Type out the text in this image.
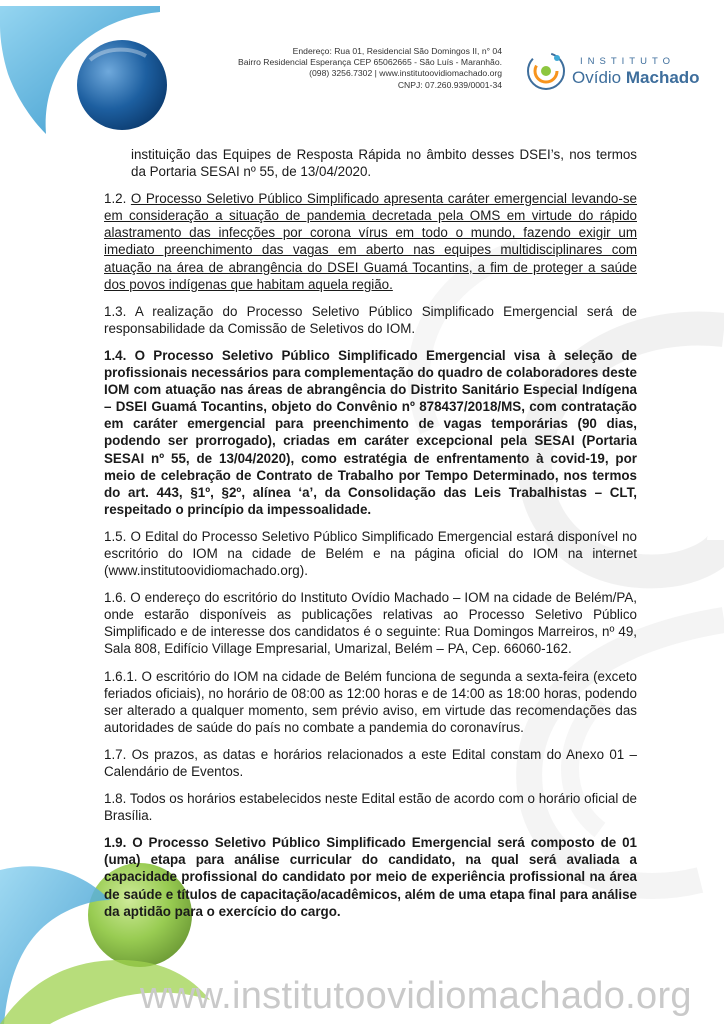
Endereço: Rua 01, Residencial São Domingos II, n° 04
Bairro Residencial Esperança CEP 65062665 - São Luís - Maranhão.
(098) 3256.7302 | www.institutoovidiomachado.org
CNPJ: 07.260.939/0001-34
INSTITUTO
Ovídio Machado

instituição das Equipes de Resposta Rápida no âmbito desses DSEI’s, nos termos da Portaria SESAI nº 55, de 13/04/2020.

1.2. O Processo Seletivo Público Simplificado apresenta caráter emergencial levando-se em consideração a situação de pandemia decretada pela OMS em virtude do rápido alastramento das infecções por corona vírus em todo o mundo, fazendo exigir um imediato preenchimento das vagas em aberto nas equipes multidisciplinares com atuação na área de abrangência do DSEI Guamá Tocantins, a fim de proteger a saúde dos povos indígenas que habitam aquela região.

1.3. A realização do Processo Seletivo Público Simplificado Emergencial será de responsabilidade da Comissão de Seletivos do IOM.

1.4. O Processo Seletivo Público Simplificado Emergencial visa à seleção de profissionais necessários para complementação do quadro de colaboradores deste IOM com atuação nas áreas de abrangência do Distrito Sanitário Especial Indígena – DSEI Guamá Tocantins, objeto do Convênio nº 878437/2018/MS, com contratação em caráter emergencial para preenchimento de vagas temporárias (90 dias, podendo ser prorrogado), criadas em caráter excepcional pela SESAI (Portaria SESAI nº 55, de 13/04/2020), como estratégia de enfrentamento à covid-19, por meio de celebração de Contrato de Trabalho por Tempo Determinado, nos termos do art. 443, §1º, §2º, alínea ‘a’, da Consolidação das Leis Trabalhistas – CLT, respeitado o princípio da impessoalidade.

1.5. O Edital do Processo Seletivo Público Simplificado Emergencial estará disponível no escritório do IOM na cidade de Belém e na página oficial do IOM na internet (www.institutoovidiomachado.org).

1.6. O endereço do escritório do Instituto Ovídio Machado – IOM na cidade de Belém/PA, onde estarão disponíveis as publicações relativas ao Processo Seletivo Público Simplificado e de interesse dos candidatos é o seguinte: Rua Domingos Marreiros, nº 49, Sala 808, Edifício Village Empresarial, Umarizal, Belém – PA, Cep. 66060-162.

1.6.1. O escritório do IOM na cidade de Belém funciona de segunda a sexta-feira (exceto feriados oficiais), no horário de 08:00 as 12:00 horas e de 14:00 as 18:00 horas, podendo ser alterado a qualquer momento, sem prévio aviso, em virtude das recomendações das autoridades de saúde do país no combate a pandemia do coronavírus.

1.7. Os prazos, as datas e horários relacionados a este Edital constam do Anexo 01 – Calendário de Eventos.

1.8. Todos os horários estabelecidos neste Edital estão de acordo com o horário oficial de Brasília.

1.9. O Processo Seletivo Público Simplificado Emergencial será composto de 01 (uma) etapa para análise curricular do candidato, na qual será avaliada a capacidade profissional do candidato por meio de experiência profissional na área de saúde e títulos de capacitação/acadêmicos, além de uma etapa final para análise da aptidão para o exercício do cargo.

www.institutoovidiomachado.org
